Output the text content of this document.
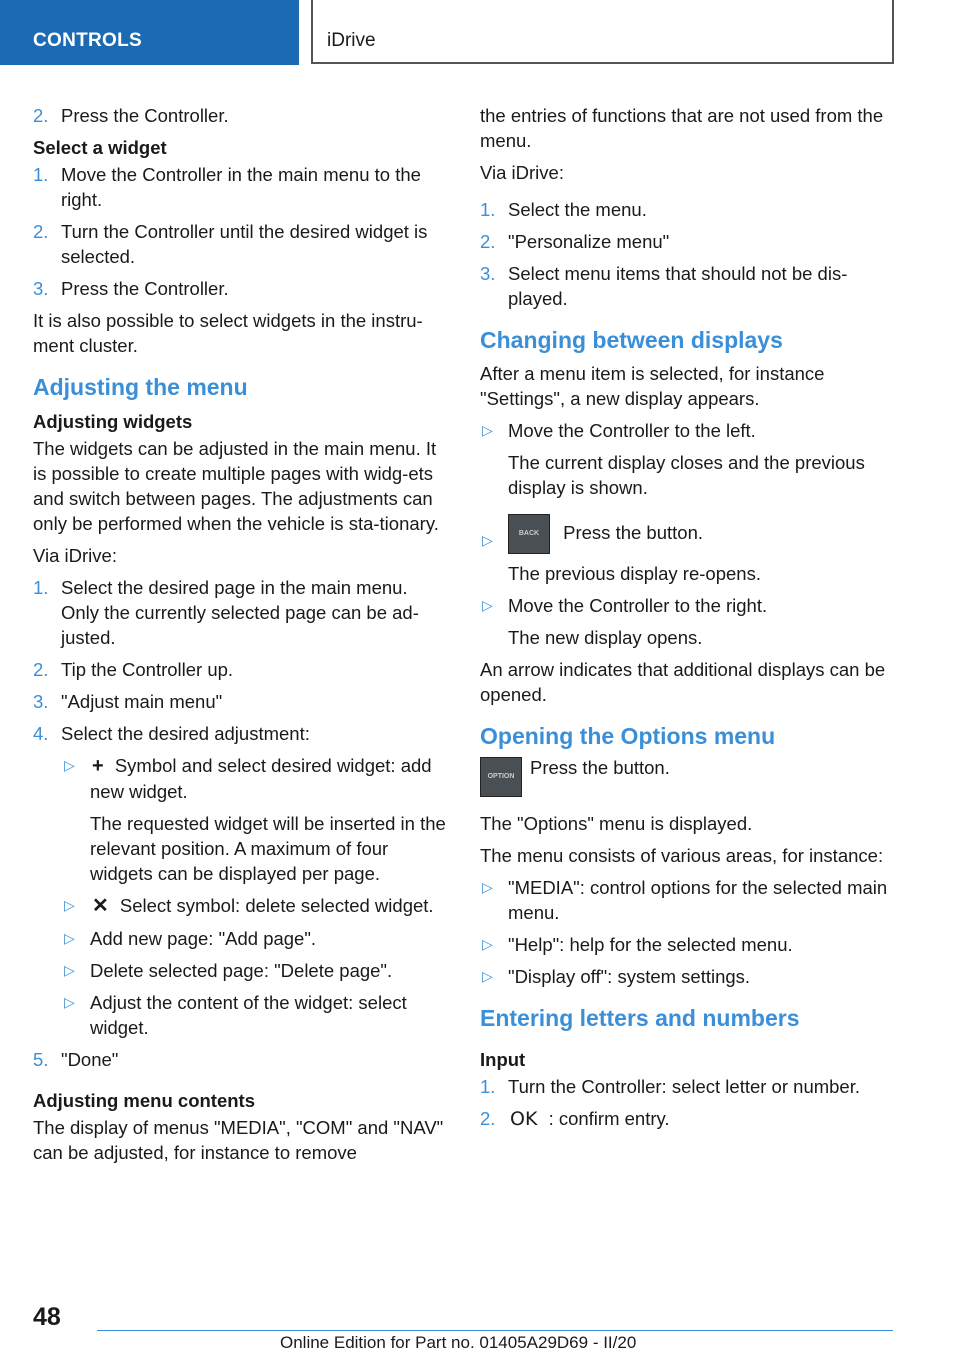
CONTROLS	iDrive
2. Press the Controller.
Select a widget
1. Move the Controller in the main menu to the right.
2. Turn the Controller until the desired widget is selected.
3. Press the Controller.

It is also possible to select widgets in the instru‐ment cluster.

Adjusting the menu
Adjusting widgets

The widgets can be adjusted in the main menu. It is possible to create multiple pages with widg‐ets and switch between pages. The adjustments can only be performed when the vehicle is sta‐tionary.

Via iDrive:

1. Select the desired page in the main menu. Only the currently selected page can be ad‐justed.
2. Tip the Controller up.
3. "Adjust main menu"
4. Select the desired adjustment:
▷ + Symbol and select desired widget: add new widget.
The requested widget will be inserted in the relevant position. A maximum of four widgets can be displayed per page.
▷ ✕ Select symbol: delete selected widget.
▷ Add new page: "Add page".
▷ Delete selected page: "Delete page".
▷ Adjust the content of the widget: select widget.
5. "Done"
Adjusting menu contents

The display of menus "MEDIA", "COM" and "NAV" can be adjusted, for instance to remove

the entries of functions that are not used from the menu.

Via iDrive:

1. Select the menu.
2. "Personalize menu"
3. Select menu items that should not be dis‐played.
Changing between displays

After a menu item is selected, for instance "Settings", a new display appears.

▷ Move the Controller to the left.
The current display closes and the previous display is shown.
▷	BACK Press the button.
The previous display re-opens.
▷ Move the Controller to the right.
The new display opens.

An arrow indicates that additional displays can be opened.

Opening the Options menu
OPTION Press the button.

The "Options" menu is displayed.

The menu consists of various areas, for instance:

▷ "MEDIA": control options for the selected main menu.
▷ "Help": help for the selected menu.
▷ "Display off": system settings.
Entering letters and numbers
Input
1. Turn the Controller: select letter or number.
2. OK : confirm entry.
48
Online Edition for Part no. 01405A29D69 - II/20
